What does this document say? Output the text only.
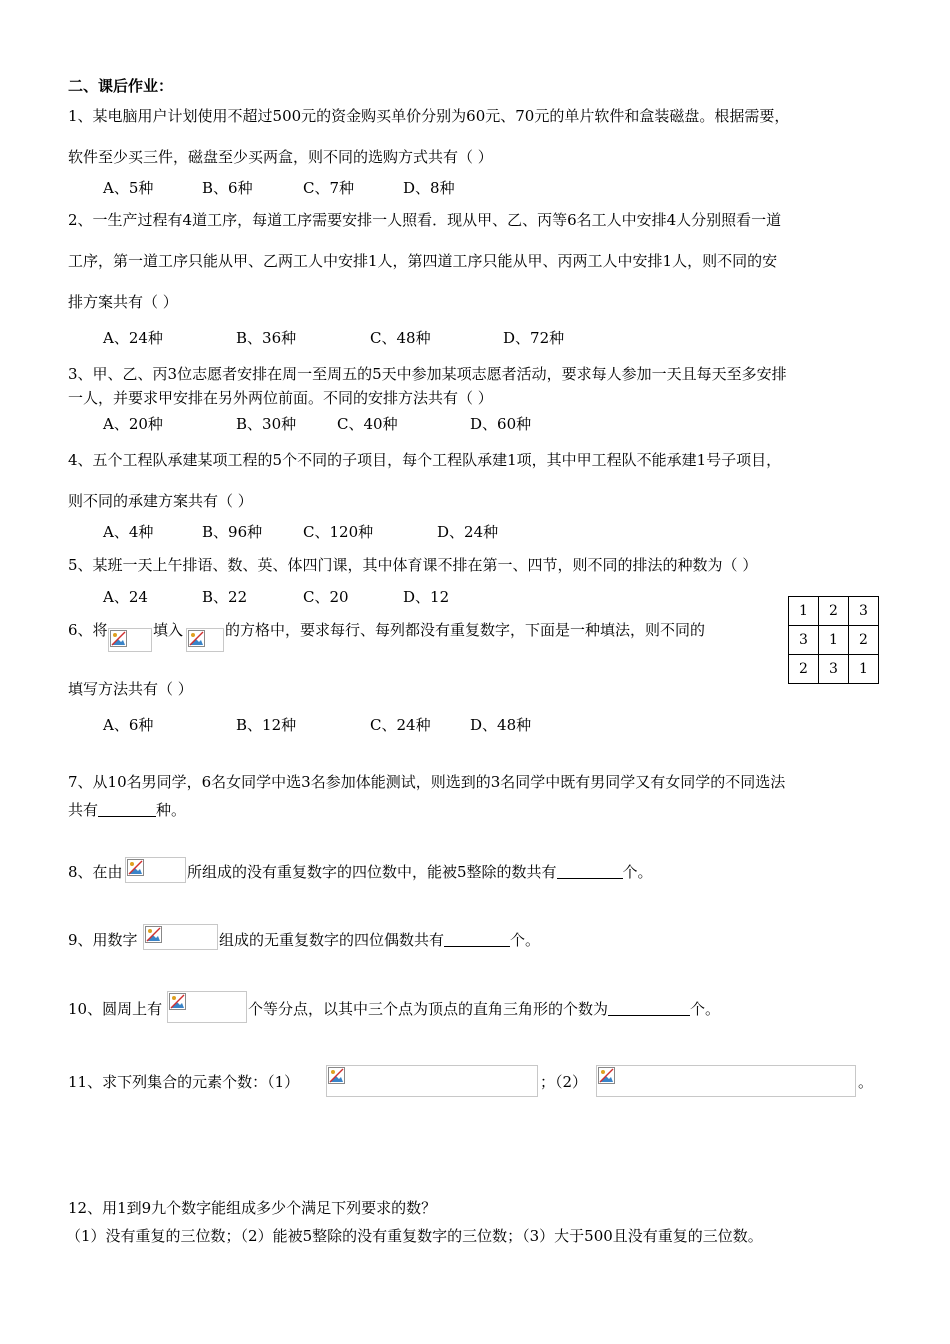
二、课后作业：
1、某电脑用户计划使用不超过500元的资金购买单价分别为60元、70元的单片软件和盒装磁盘。根据需要，
软件至少买三件，磁盘至少买两盒，则不同的选购方式共有（ ）
A、5种	B、6种	C、7种	D、8种
2、一生产过程有4道工序，每道工序需要安排一人照看．现从甲、乙、丙等6名工人中安排4人分别照看一道
工序，第一道工序只能从甲、乙两工人中安排1人，第四道工序只能从甲、丙两工人中安排1人，则不同的安
排方案共有（ ）
A、24种	B、36种	C、48种	D、72种
3、甲、乙、丙3位志愿者安排在周一至周五的5天中参加某项志愿者活动，要求每人参加一天且每天至多安排
一人，并要求甲安排在另外两位前面。不同的安排方法共有（ ）
A、20种	B、30种	C、40种	D、60种
4、五个工程队承建某项工程的5个不同的子项目，每个工程队承建1项，其中甲工程队不能承建1号子项目，
则不同的承建方案共有（ ）
A、4种	B、96种	C、120种	D、24种
5、某班一天上午排语、数、英、体四门课，其中体育课不排在第一、四节，则不同的排法的种数为（ ）
A、24	B、22	C、20	D、12
6、将	填入	的方格中，要求每行、每列都没有重复数字，下面是一种填法，则不同的
1	2	3
3	1	2
2	3	1
填写方法共有（ ）
A、6种	B、12种	C、24种	D、48种
7、从10名男同学，6名女同学中选3名参加体能测试，则选到的3名同学中既有男同学又有女同学的不同选法
共有	种。
8、在由	所组成的没有重复数字的四位数中，能被5整除的数共有	个。
9、用数字	组成的无重复数字的四位偶数共有	个。
10、圆周上有	个等分点，以其中三个点为顶点的直角三角形的个数为	个。
11、求下列集合的元素个数：（1）	；（2）	。
12、用1到9九个数字能组成多少个满足下列要求的数？
（1）没有重复的三位数；（2）能被5整除的没有重复数字的三位数；（3）大于500且没有重复的三位数。
